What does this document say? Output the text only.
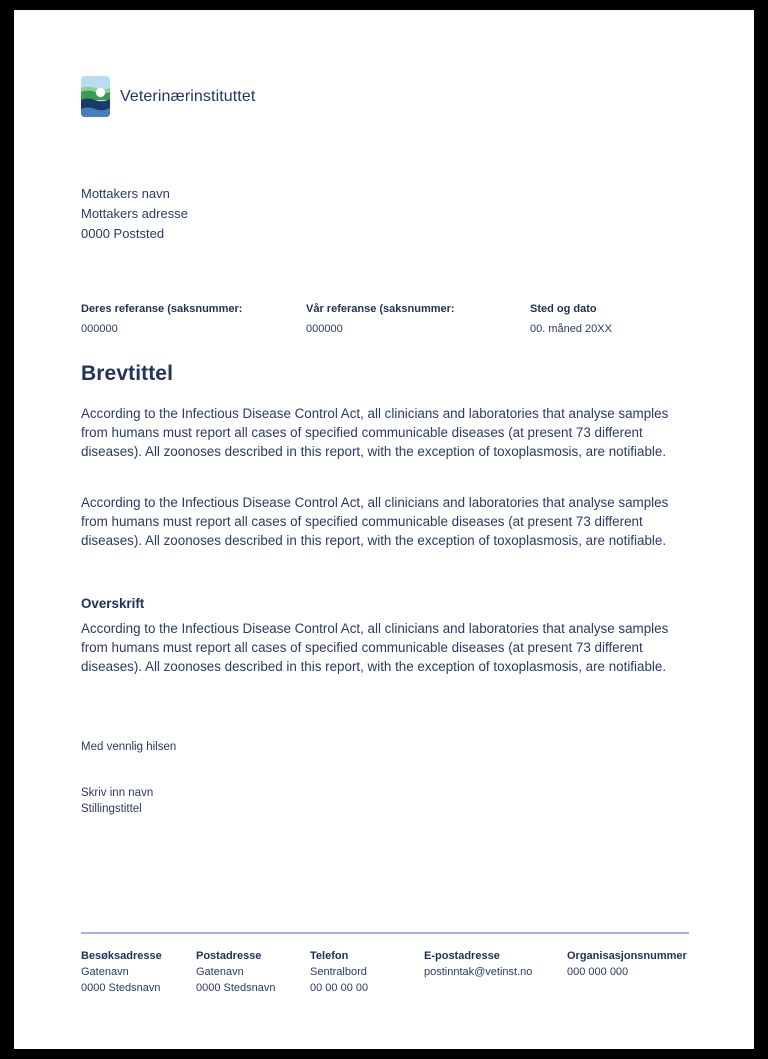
Veterinærinstituttet
Mottakers navn
Mottakers adresse
0000 Poststed
Deres referanse (saksnummer:
000000
Vår referanse (saksnummer:
000000
Sted og dato
00. måned 20XX
Brevtittel

According to the Infectious Disease Control Act, all clinicians and laboratories that analyse samples from humans must report all cases of specified communicable diseases (at present 73 different diseases). All zoonoses described in this report, with the exception of toxoplasmosis, are notifiable.

According to the Infectious Disease Control Act, all clinicians and laboratories that analyse samples from humans must report all cases of specified communicable diseases (at present 73 different diseases). All zoonoses described in this report, with the exception of toxoplasmosis, are notifiable.

Overskrift

According to the Infectious Disease Control Act, all clinicians and laboratories that analyse samples from humans must report all cases of specified communicable diseases (at present 73 different diseases). All zoonoses described in this report, with the exception of toxoplasmosis, are notifiable.

Med vennlig hilsen
Skriv inn navn
Stillingstittel
Besøksadresse
Gatenavn
0000 Stedsnavn
Postadresse
Gatenavn
0000 Stedsnavn
Telefon
Sentralbord
00 00 00 00
E-postadresse
postinntak@vetinst.no
Organisasjonsnummer
000 000 000
